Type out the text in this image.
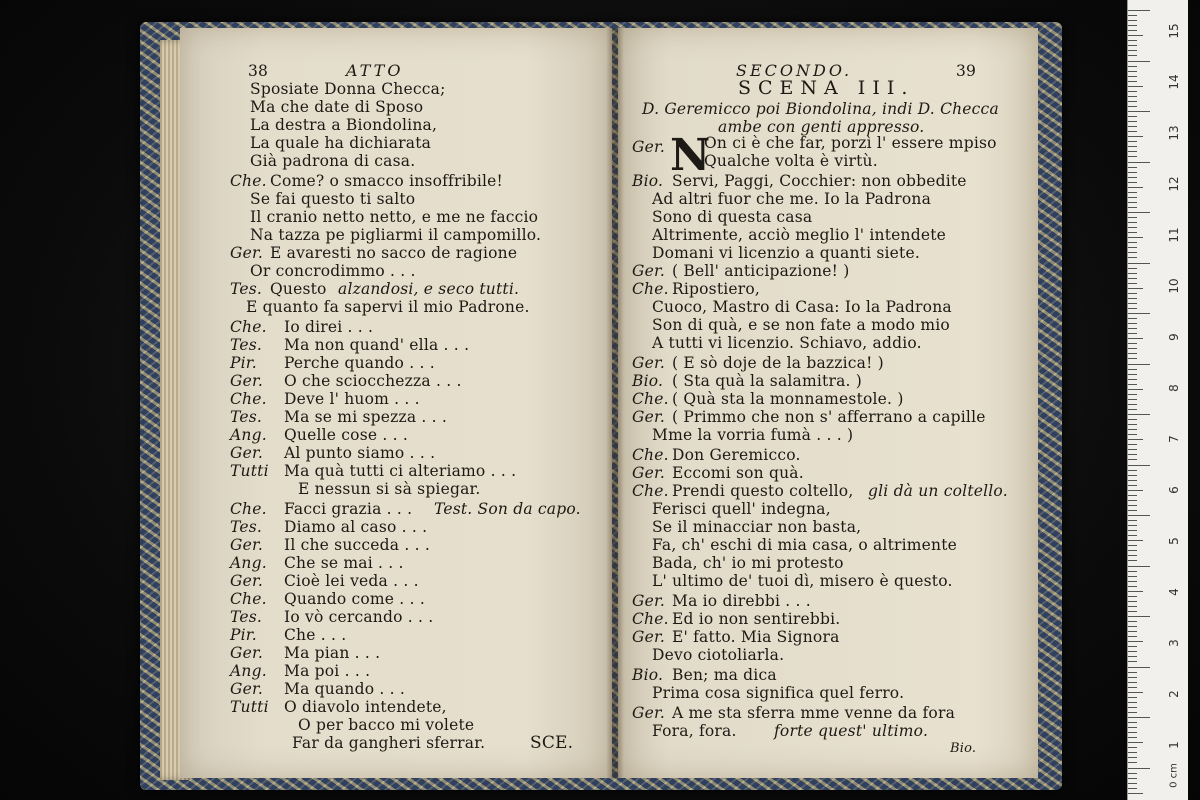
38	ATTO
Sposiate Donna Checca;
Ma che date di Sposo
La destra a Biondolina,
La quale ha dichiarata
Già padrona di casa.
Che. Come? o smacco insoffribile!
Se fai questo ti salto
Il cranio netto netto, e me ne faccio
Na tazza pe pigliarmi il campomillo.
Ger. E avaresti no sacco de ragione
Or concrodimmo . . .
Tes. Questo alzandosi, e seco tutti.
E quanto fa sapervi il mio Padrone.
Che. Io direi . . .
Tes. Ma non quand' ella . . .
Pir. Perche quando . . .
Ger. O che sciocchezza . . .
Che. Deve l' huom . . .
Tes. Ma se mi spezza . . .
Ang. Quelle cose . . .
Ger. Al punto siamo . . .
Tutti Ma quà tutti ci alteriamo . . .
E nessun si sà spiegar.
Che. Facci grazia . . . Test. Son da capo.
Tes. Diamo al caso . . .
Ger. Il che succeda . . .
Ang. Che se mai . . .
Ger. Cioè lei veda . . .
Che. Quando come . . .
Tes. Io vò cercando . . .
Pir. Che . . .
Ger. Ma pian . . .
Ang. Ma poi . . .
Ger. Ma quando . . .
Tutti O diavolo intendete,
O per bacco mi volete
Far da gangheri sferrar.	SCE.
SECONDO.	39
SCENA III.
D. Geremicco poi Biondolina, indi D. Checca
ambe con genti appresso.
Ger. N
On ci è che far, porzì l' essere mpiso
Qualche volta è virtù.
Bio. Servi, Paggi, Cocchier: non obbedite
Ad altri fuor che me. Io la Padrona
Sono di questa casa
Altrimente, acciò meglio l' intendete
Domani vi licenzio a quanti siete.
Ger. ( Bell' anticipazione! )
Che. Ripostiero,
Cuoco, Mastro di Casa: Io la Padrona
Son di quà, e se non fate a modo mio
A tutti vi licenzio. Schiavo, addio.
Ger. ( E sò doje de la bazzica! )
Bio. ( Sta quà la salamitra. )
Che. ( Quà sta la monnamestole. )
Ger. ( Primmo che non s' afferrano a capille
Mme la vorria fumà . . . )
Che. Don Geremicco.
Ger. Eccomi son quà.
Che. Prendi questo coltello, gli dà un coltello.
Ferisci quell' indegna,
Se il minacciar non basta,
Fa, ch' eschi di mia casa, o altrimente
Bada, ch' io mi protesto
L' ultimo de' tuoi dì, misero è questo.
Ger. Ma io direbbi . . .
Che. Ed io non sentirebbi.
Ger. E' fatto. Mia Signora
Devo ciotoliarla.
Bio. Ben; ma dica
Prima cosa significa quel ferro.
Ger. A me sta sferra mme venne da fora
Fora, fora. forte quest' ultimo.
Bio.
15
14
13
12
11
10
9
8
7
6
5
4
3
2
1
0 cm
